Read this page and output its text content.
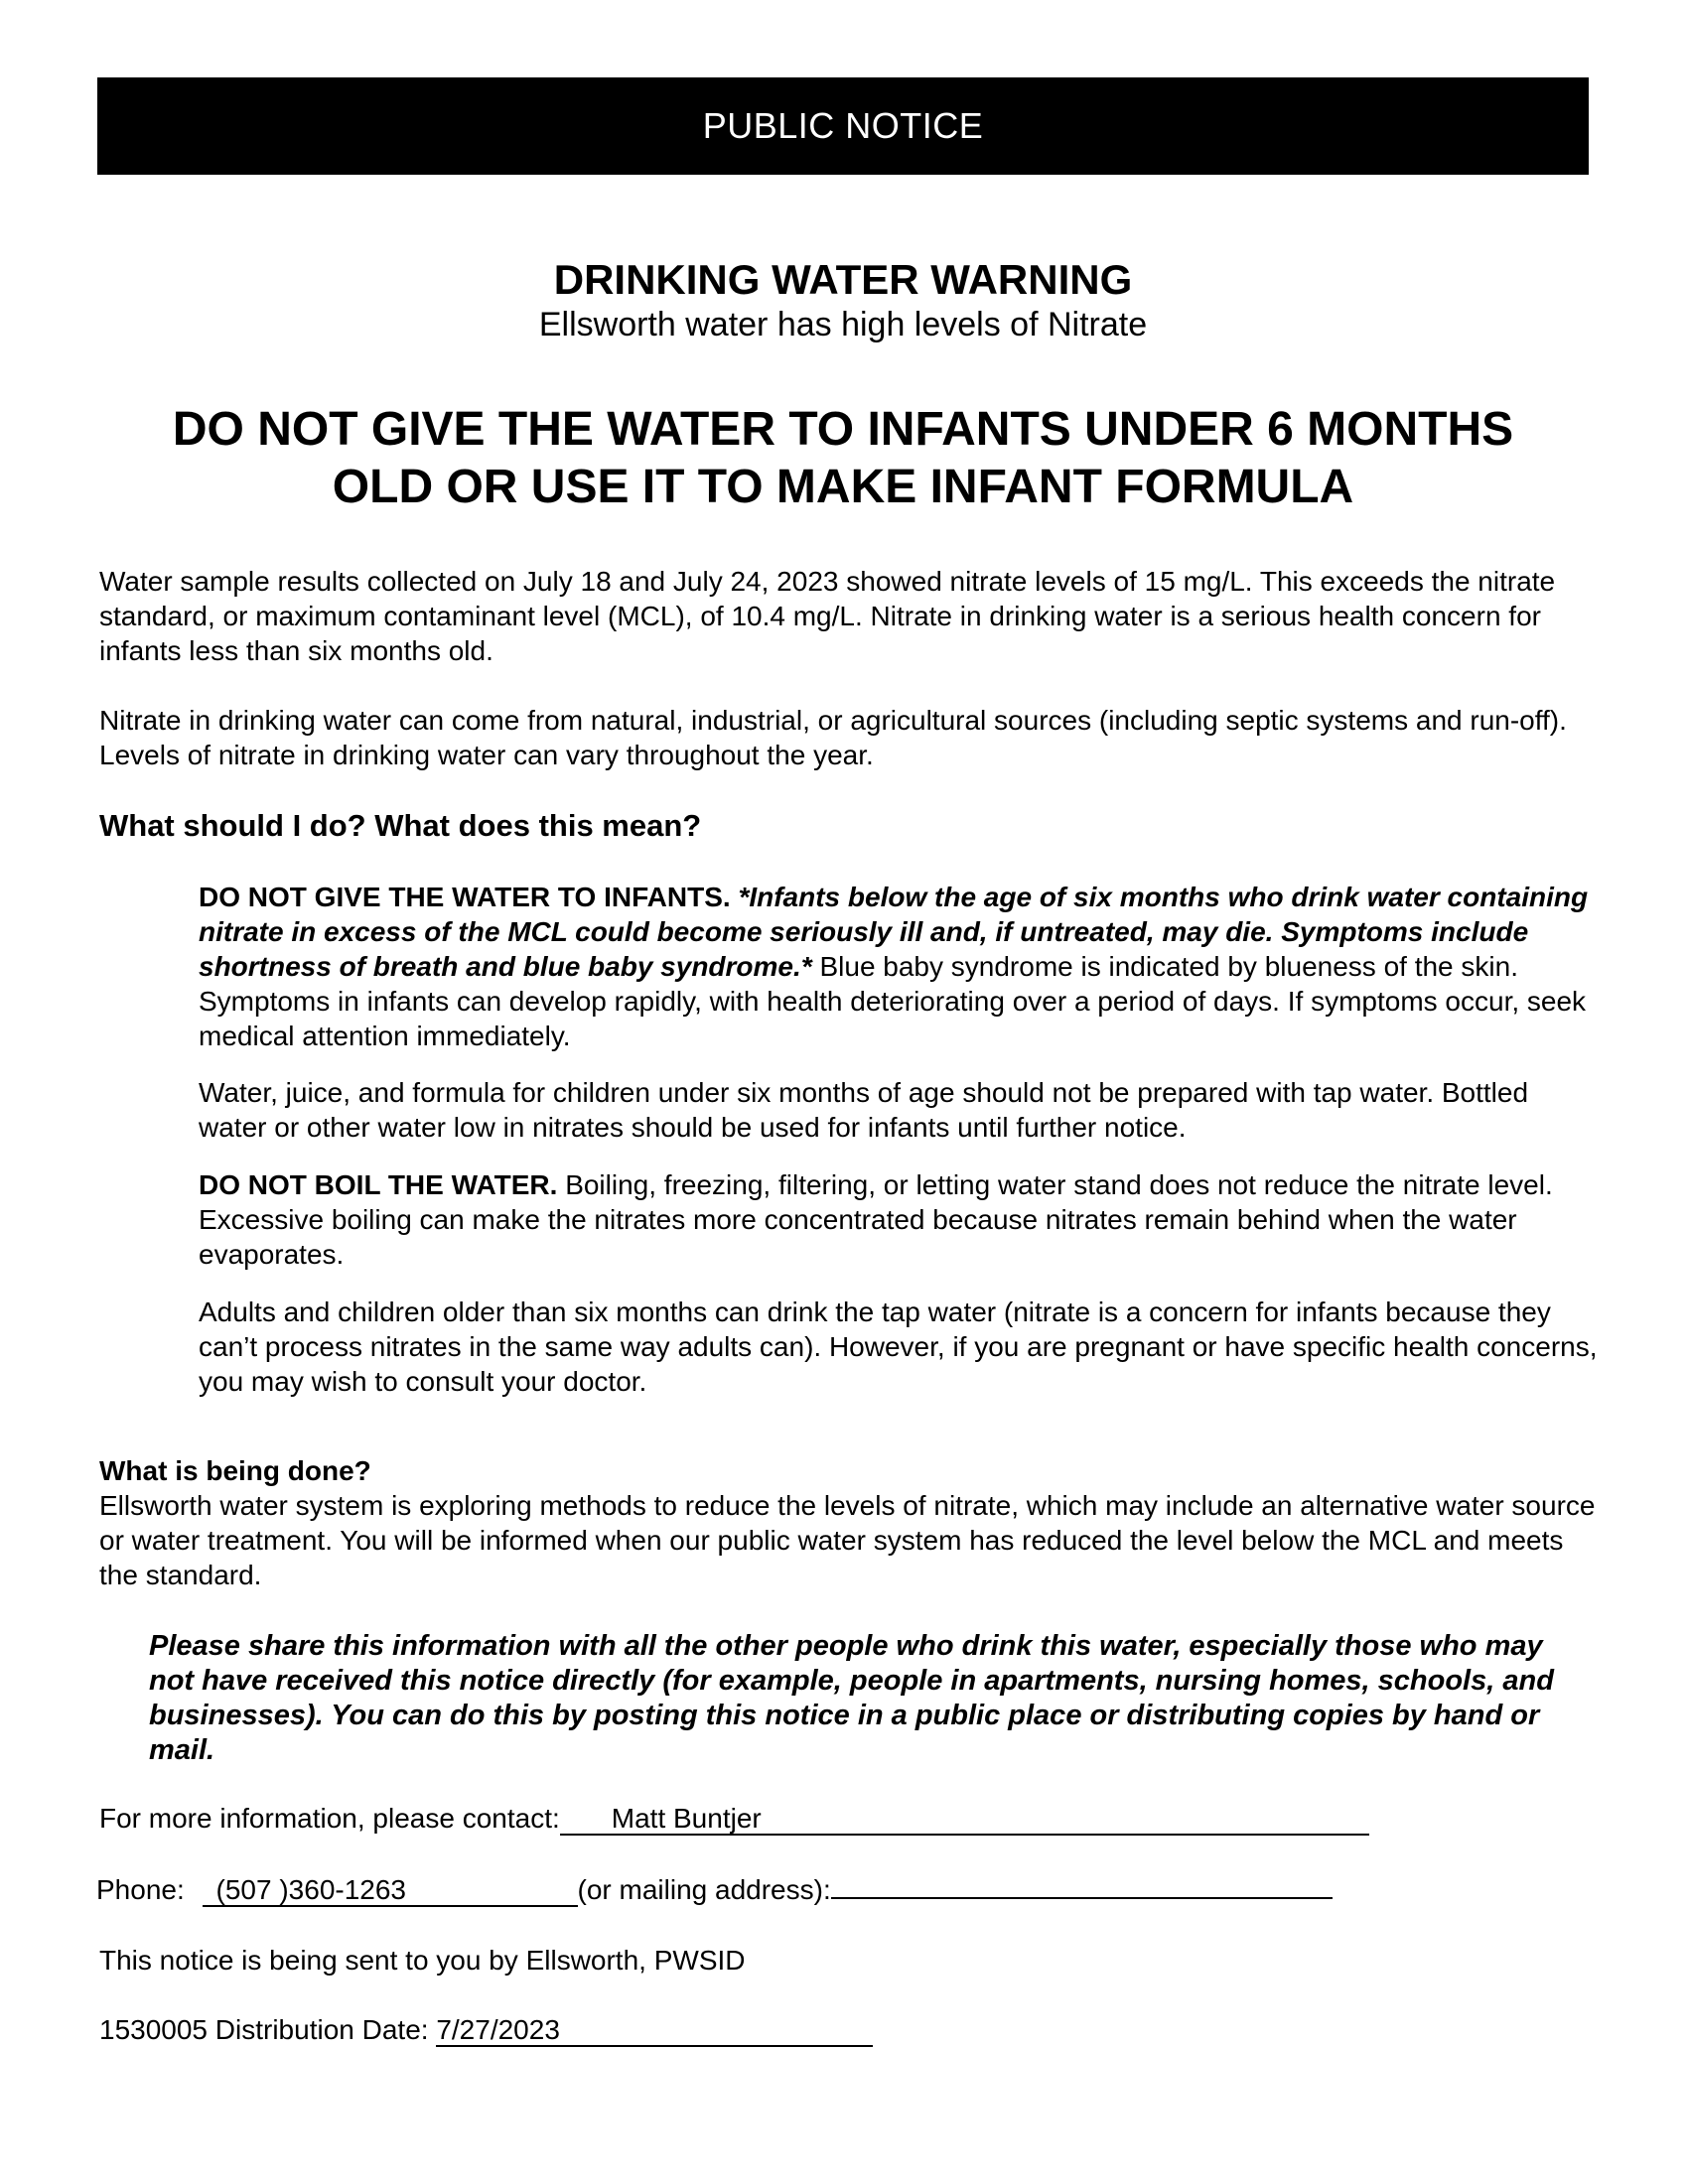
PUBLIC NOTICE
DRINKING WATER WARNING
Ellsworth water has high levels of Nitrate
DO NOT GIVE THE WATER TO INFANTS UNDER 6 MONTHS
OLD OR USE IT TO MAKE INFANT FORMULA
Water sample results collected on July 18 and July 24, 2023 showed nitrate levels of 15 mg/L. This exceeds the nitrate standard, or maximum contaminant level (MCL), of 10.4 mg/L. Nitrate in drinking water is a serious health concern for infants less than six months old.
Nitrate in drinking water can come from natural, industrial, or agricultural sources (including septic systems and run-off). Levels of nitrate in drinking water can vary throughout the year.
What should I do? What does this mean?
DO NOT GIVE THE WATER TO INFANTS. *Infants below the age of six months who drink water containing nitrate in excess of the MCL could become seriously ill and, if untreated, may die. Symptoms include shortness of breath and blue baby syndrome.* Blue baby syndrome is indicated by blueness of the skin. Symptoms in infants can develop rapidly, with health deteriorating over a period of days. If symptoms occur, seek medical attention immediately.
Water, juice, and formula for children under six months of age should not be prepared with tap water. Bottled water or other water low in nitrates should be used for infants until further notice.
DO NOT BOIL THE WATER. Boiling, freezing, filtering, or letting water stand does not reduce the nitrate level. Excessive boiling can make the nitrates more concentrated because nitrates remain behind when the water evaporates.
Adults and children older than six months can drink the tap water (nitrate is a concern for infants because they can’t process nitrates in the same way adults can). However, if you are pregnant or have specific health concerns, you may wish to consult your doctor.
What is being done?
Ellsworth water system is exploring methods to reduce the levels of nitrate, which may include an alternative water source or water treatment. You will be informed when our public water system has reduced the level below the MCL and meets the standard.
Please share this information with all the other people who drink this water, especially those who may not have received this notice directly (for example, people in apartments, nursing homes, schools, and businesses). You can do this by posting this notice in a public place or distributing copies by hand or mail.
For more information, please contact: Matt Buntjer
Phone: (507 )360-1263	(or mailing address):
This notice is being sent to you by Ellsworth, PWSID
1530005 Distribution Date: 7/27/2023
